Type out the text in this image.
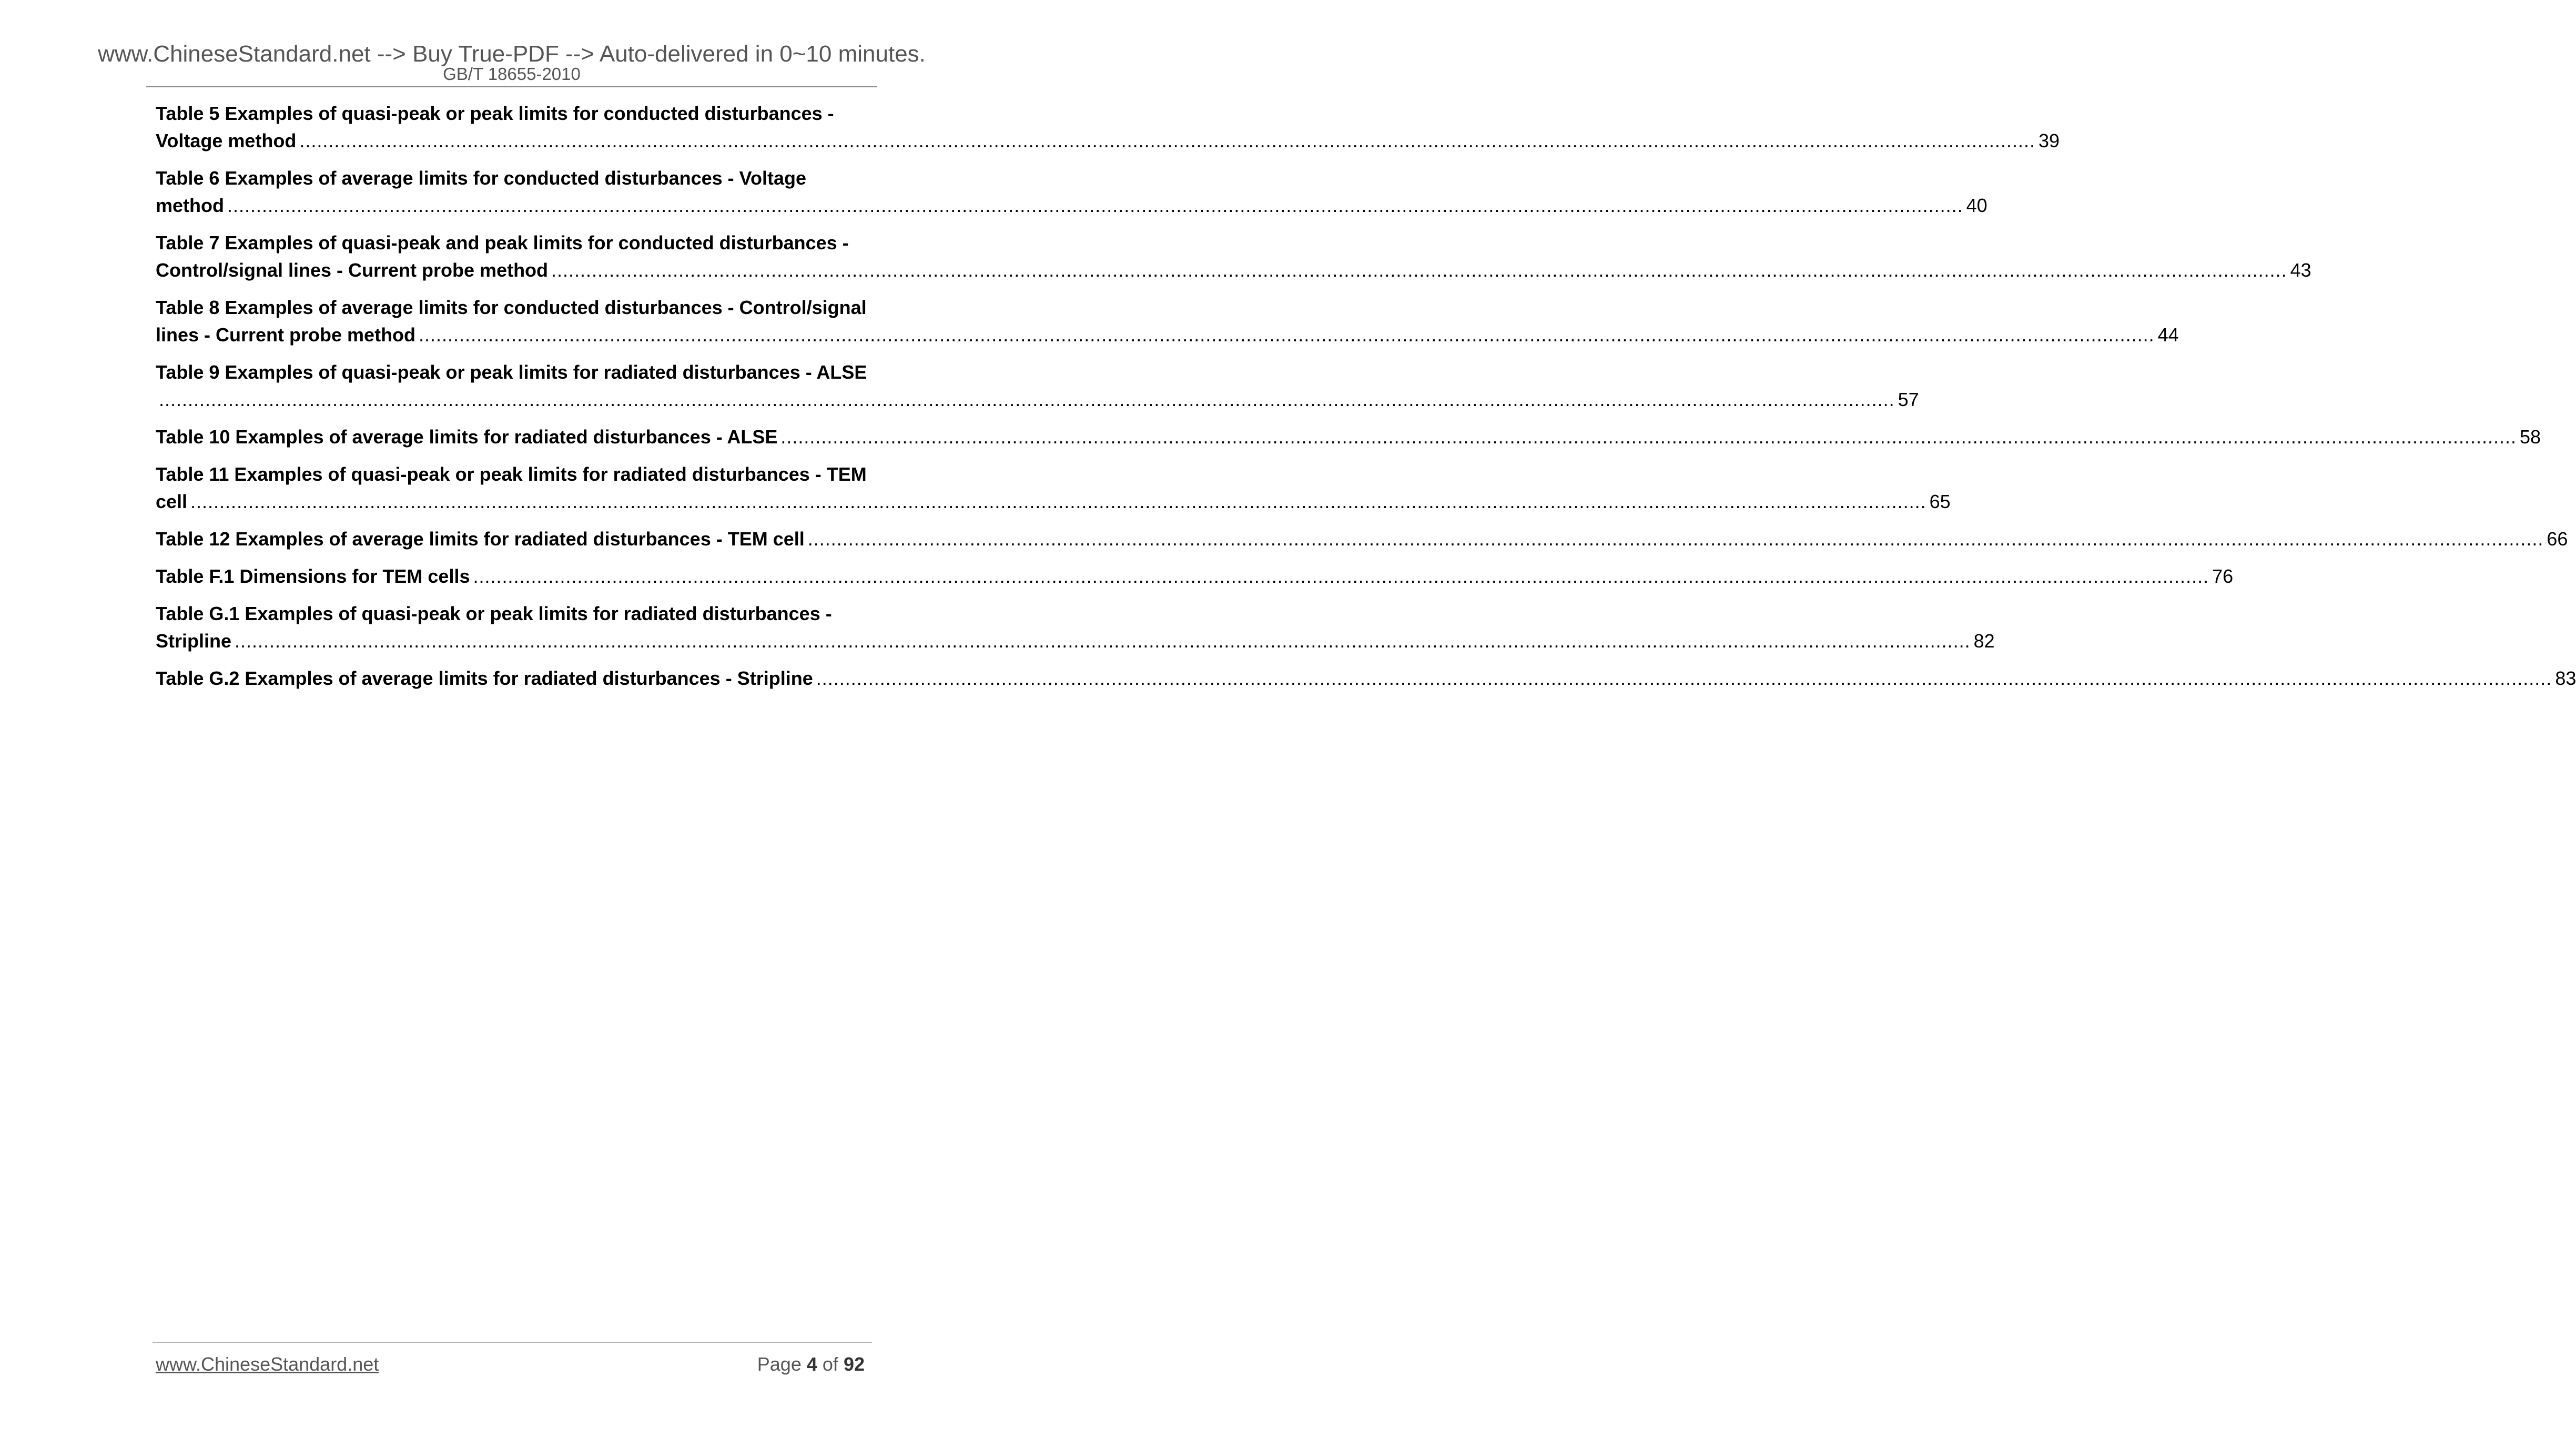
www.ChineseStandard.net --> Buy True-PDF --> Auto-delivered in 0~10 minutes.
GB/T 18655-2010
Table 5 Examples of quasi-peak or peak limits for conducted disturbances -
Voltage method ............................................................................................................................................................................................................................................................................................................ 39
Table 6 Examples of average limits for conducted disturbances - Voltage
method ............................................................................................................................................................................................................................................................................................................ 40
Table 7 Examples of quasi-peak and peak limits for conducted disturbances -
Control/signal lines - Current probe method ............................................................................................................................................................................................................................................................................................................ 43
Table 8 Examples of average limits for conducted disturbances - Control/signal
lines - Current probe method ............................................................................................................................................................................................................................................................................................................ 44
Table 9 Examples of quasi-peak or peak limits for radiated disturbances - ALSE
............................................................................................................................................................................................................................................................................................................ 57
Table 10 Examples of average limits for radiated disturbances - ALSE ............................................................................................................................................................................................................................................................................................................ 58
Table 11 Examples of quasi-peak or peak limits for radiated disturbances - TEM
cell ............................................................................................................................................................................................................................................................................................................ 65
Table 12 Examples of average limits for radiated disturbances - TEM cell ............................................................................................................................................................................................................................................................................................................ 66
Table F.1 Dimensions for TEM cells ............................................................................................................................................................................................................................................................................................................ 76
Table G.1 Examples of quasi-peak or peak limits for radiated disturbances -
Stripline ............................................................................................................................................................................................................................................................................................................ 82
Table G.2 Examples of average limits for radiated disturbances - Stripline ............................................................................................................................................................................................................................................................................................................ 83
www.ChineseStandard.net	Page 4 of 92
